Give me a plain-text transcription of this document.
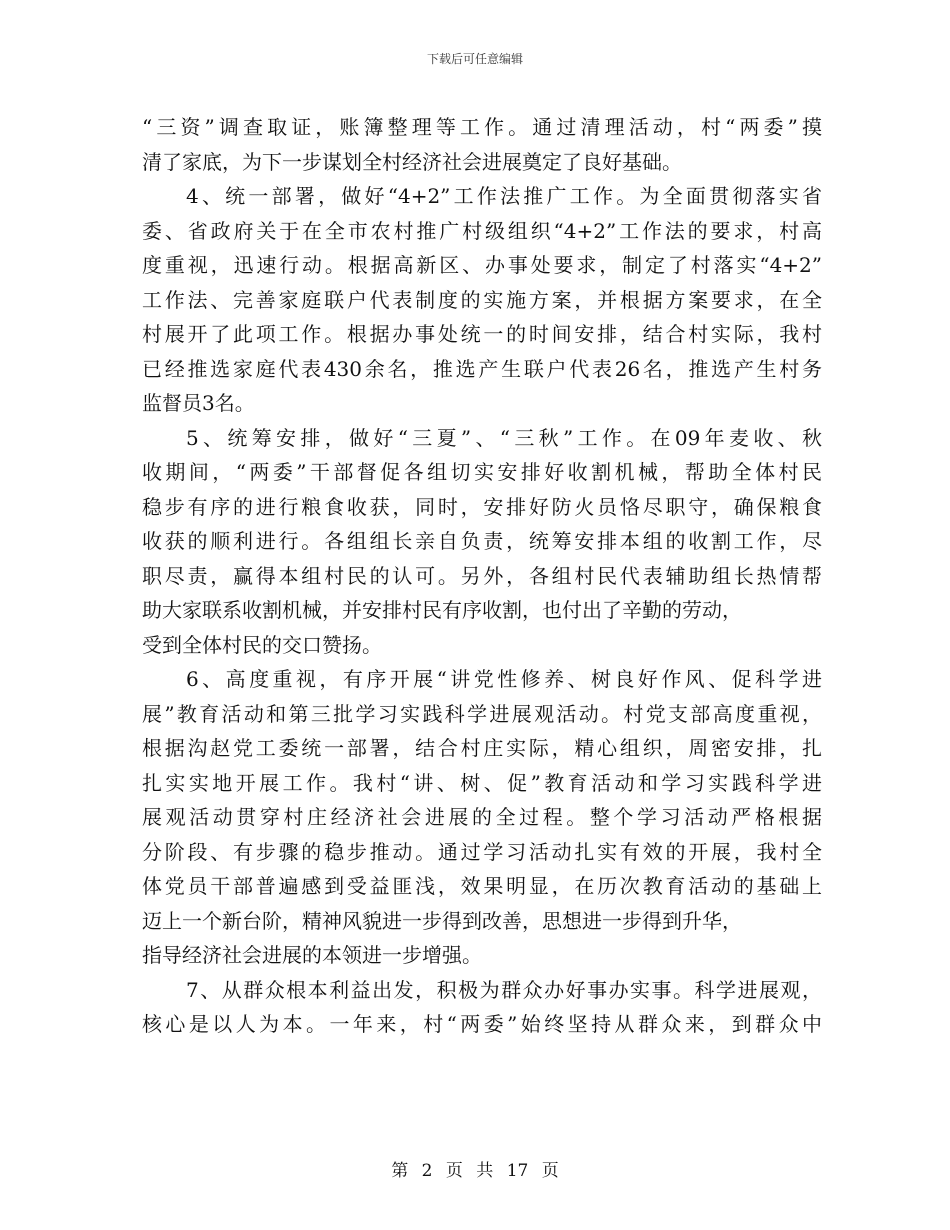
下载后可任意编辑
“三资”调查取证，账簿整理等工作。通过清理活动，村“两委”摸
清了家底，为下一步谋划全村经济社会进展奠定了良好基础。
4、统一部署，做好“4+2”工作法推广工作。为全面贯彻落实省
委、省政府关于在全市农村推广村级组织“4+2”工作法的要求，村高
度重视，迅速行动。根据高新区、办事处要求，制定了村落实“4+2”
工作法、完善家庭联户代表制度的实施方案，并根据方案要求，在全
村展开了此项工作。根据办事处统一的时间安排，结合村实际，我村
已经推选家庭代表430余名，推选产生联户代表26名，推选产生村务
监督员3名。
5、统筹安排，做好“三夏”、“三秋”工作。在09年麦收、秋
收期间，“两委”干部督促各组切实安排好收割机械，帮助全体村民
稳步有序的进行粮食收获，同时，安排好防火员恪尽职守，确保粮食
收获的顺利进行。各组组长亲自负责，统筹安排本组的收割工作，尽
职尽责，赢得本组村民的认可。另外，各组村民代表辅助组长热情帮
助大家联系收割机械，并安排村民有序收割，也付出了辛勤的劳动，
受到全体村民的交口赞扬。
6、高度重视，有序开展“讲党性修养、树良好作风、促科学进
展”教育活动和第三批学习实践科学进展观活动。村党支部高度重视，
根据沟赵党工委统一部署，结合村庄实际，精心组织，周密安排，扎
扎实实地开展工作。我村“讲、树、促”教育活动和学习实践科学进
展观活动贯穿村庄经济社会进展的全过程。整个学习活动严格根据
分阶段、有步骤的稳步推动。通过学习活动扎实有效的开展，我村全
体党员干部普遍感到受益匪浅，效果明显，在历次教育活动的基础上
迈上一个新台阶，精神风貌进一步得到改善，思想进一步得到升华，
指导经济社会进展的本领进一步增强。
7、从群众根本利益出发，积极为群众办好事办实事。科学进展观，
核心是以人为本。一年来，村“两委”始终坚持从群众来，到群众中
第 2 页 共 17 页
